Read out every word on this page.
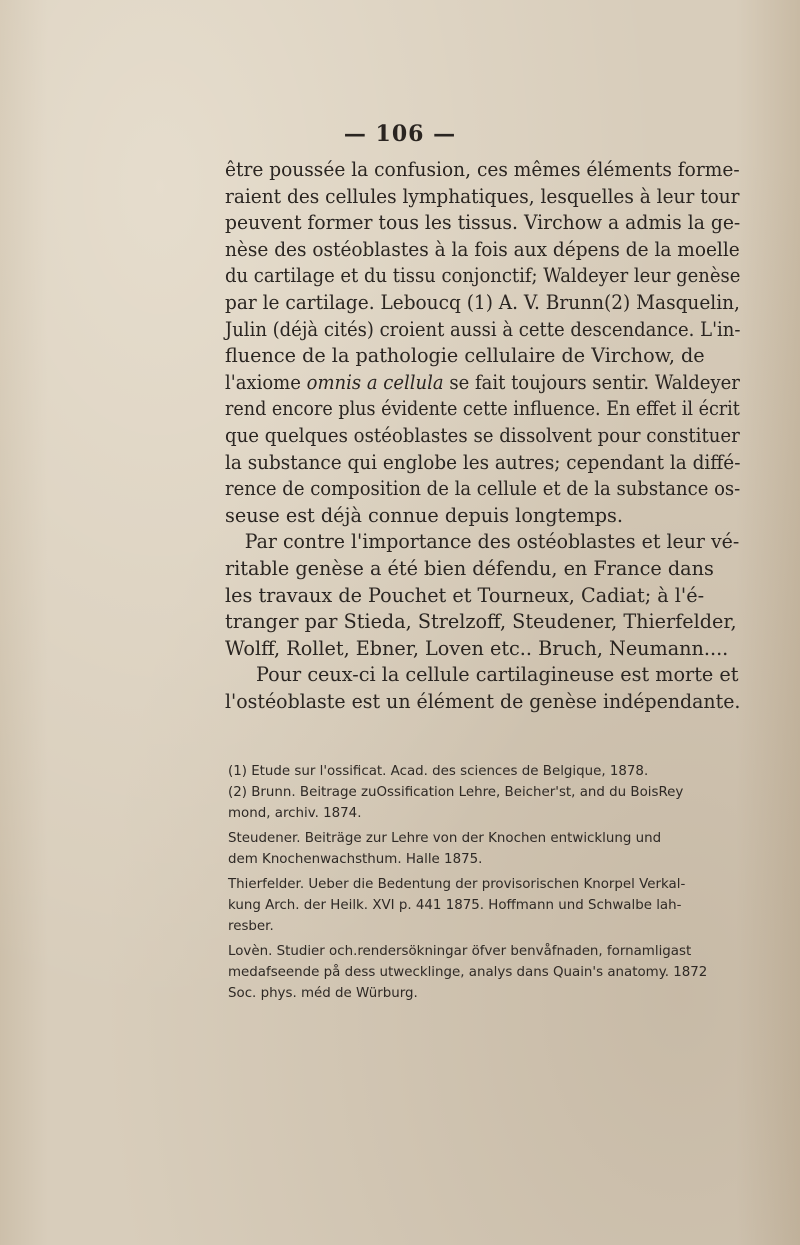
— 106 —

être poussée la confusion, ces mêmes éléments forme-
raient des cellules lymphatiques, lesquelles à leur tour
peuvent former tous les tissus. Virchow a admis la ge-
nèse des ostéoblastes à la fois aux dépens de la moelle
du cartilage et du tissu conjonctif; Waldeyer leur genèse
par le cartilage. Leboucq (1) A. V. Brunn(2) Masquelin,
Julin (déjà cités) croient aussi à cette descendance. L'in-
fluence de la pathologie cellulaire de Virchow, de
l'axiome omnis a cellula se fait toujours sentir. Waldeyer
rend encore plus évidente cette influence. En effet il écrit
que quelques ostéoblastes se dissolvent pour constituer
la substance qui englobe les autres; cependant la diffé-
rence de composition de la cellule et de la substance os-
seuse est déjà connue depuis longtemps.

Par contre l'importance des ostéoblastes et leur vé-
ritable genèse a été bien défendu, en France dans
les travaux de Pouchet et Tourneux, Cadiat; à l'é-
tranger par Stieda, Strelzoff, Steudener, Thierfelder,
Wolff, Rollet, Ebner, Loven etc.. Bruch, Neumann....

Pour ceux-ci la cellule cartilagineuse est morte et
l'ostéoblaste est un élément de genèse indépendante.

(1) Etude sur l'ossificat. Acad. des sciences de Belgique, 1878.
(2) Brunn. Beitrage zuOssification Lehre, Beicher'st, and du BoisRey
mond, archiv. 1874.
Steudener. Beiträge zur Lehre von der Knochen entwicklung und
dem Knochenwachsthum. Halle 1875.
Thierfelder. Ueber die Bedentung der provisorischen Knorpel Verkal-
kung Arch. der Heilk. XVI p. 441 1875. Hoffmann und Schwalbe lah-
resber.
Lovèn. Studier och.rendersökningar öfver benvåfnaden, fornamligast
medafseende på dess utwecklinge, analys dans Quain's anatomy. 1872
Soc. phys. méd de Würburg.
